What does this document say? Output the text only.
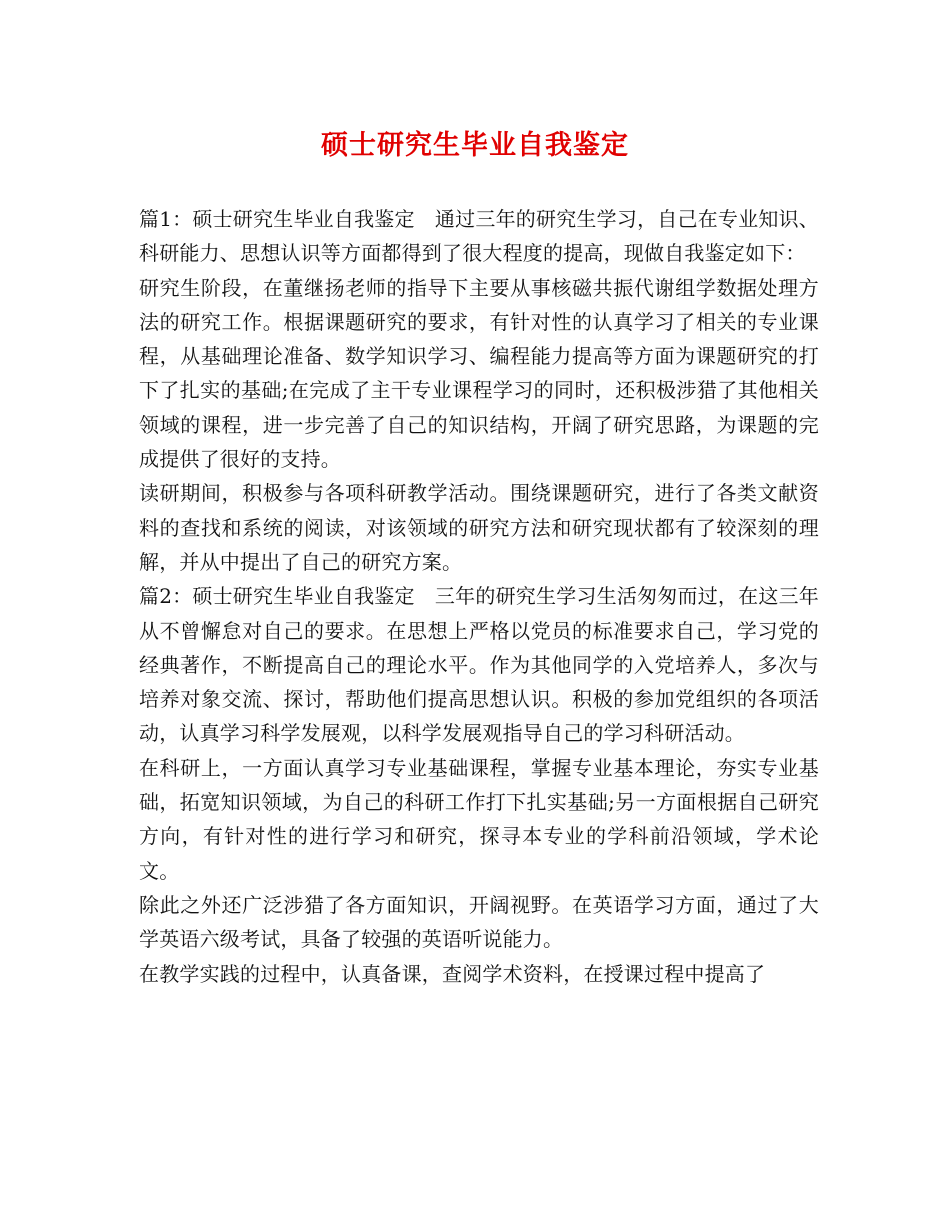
硕士研究生毕业自我鉴定

篇1：硕士研究生毕业自我鉴定　通过三年的研究生学习，自己在专业知识、科研能力、思想认识等方面都得到了很大程度的提高，现做自我鉴定如下：

研究生阶段，在董继扬老师的指导下主要从事核磁共振代谢组学数据处理方法的研究工作。根据课题研究的要求，有针对性的认真学习了相关的专业课程，从基础理论准备、数学知识学习、编程能力提高等方面为课题研究的打下了扎实的基础;在完成了主干专业课程学习的同时，还积极涉猎了其他相关领域的课程，进一步完善了自己的知识结构，开阔了研究思路，为课题的完成提供了很好的支持。

读研期间，积极参与各项科研教学活动。围绕课题研究，进行了各类文献资料的查找和系统的阅读，对该领域的研究方法和研究现状都有了较深刻的理解，并从中提出了自己的研究方案。

篇2：硕士研究生毕业自我鉴定　三年的研究生学习生活匆匆而过，在这三年从不曾懈怠对自己的要求。在思想上严格以党员的标准要求自己，学习党的经典著作，不断提高自己的理论水平。作为其他同学的入党培养人，多次与培养对象交流、探讨，帮助他们提高思想认识。积极的参加党组织的各项活动，认真学习科学发展观，以科学发展观指导自己的学习科研活动。

在科研上，一方面认真学习专业基础课程，掌握专业基本理论，夯实专业基础，拓宽知识领域，为自己的科研工作打下扎实基础;另一方面根据自己研究方向，有针对性的进行学习和研究，探寻本专业的学科前沿领域，学术论文。

除此之外还广泛涉猎了各方面知识，开阔视野。在英语学习方面，通过了大学英语六级考试，具备了较强的英语听说能力。

在教学实践的过程中，认真备课，查阅学术资料，在授课过程中提高了
